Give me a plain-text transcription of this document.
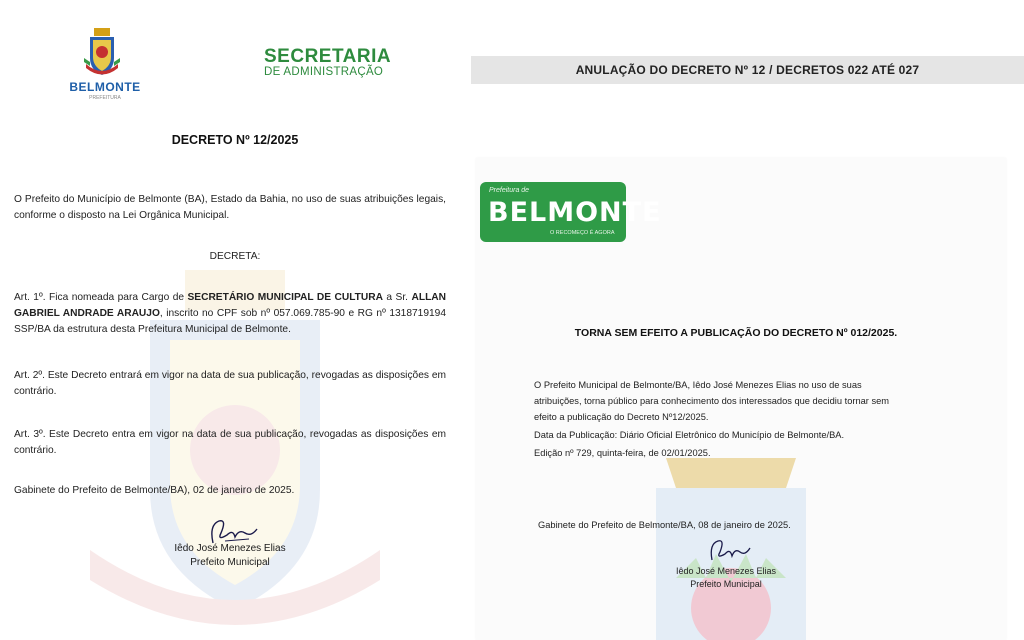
BELMONTE
PREFEITURA
SECRETARIA
DE ADMINISTRAÇÃO
DECRETO Nº 12/2025
O Prefeito do Município de Belmonte (BA), Estado da Bahia, no uso de suas atribuições legais, conforme o disposto na Lei Orgânica Municipal.
DECRETA:
Art. 1º. Fica nomeada para Cargo de SECRETÁRIO MUNICIPAL DE CULTURA a Sr. ALLAN GABRIEL ANDRADE ARAUJO, inscrito no CPF sob nº 057.069.785-90 e RG nº 1318719194 SSP/BA da estrutura desta Prefeitura Municipal de Belmonte.
Art. 2º. Este Decreto entrará em vigor na data de sua publicação, revogadas as disposições em contrário.
Art. 3º. Este Decreto entra em vigor na data de sua publicação, revogadas as disposições em contrário.
Gabinete do Prefeito de Belmonte/BA), 02 de janeiro de 2025.
Iêdo José Menezes Elias
Prefeito Municipal
ANULAÇÃO DO DECRETO Nº 12 / DECRETOS 022 ATÉ 027
Prefeitura de
BELMONTE
O RECOMEÇO É AGORA
TORNA SEM EFEITO A PUBLICAÇÃO DO DECRETO Nº 012/2025.
O Prefeito Municipal de Belmonte/BA, Iêdo José Menezes Elias no uso de suas
atribuições, torna público para conhecimento dos interessados que decidiu tornar sem
efeito a publicação do Decreto Nº12/2025.
Data da Publicação: Diário Oficial Eletrônico do Município de Belmonte/BA.
Edição nº 729, quinta-feira, de 02/01/2025.
Gabinete do Prefeito de Belmonte/BA, 08 de janeiro de 2025.
Iêdo José Menezes Elias
Prefeito Municipal
